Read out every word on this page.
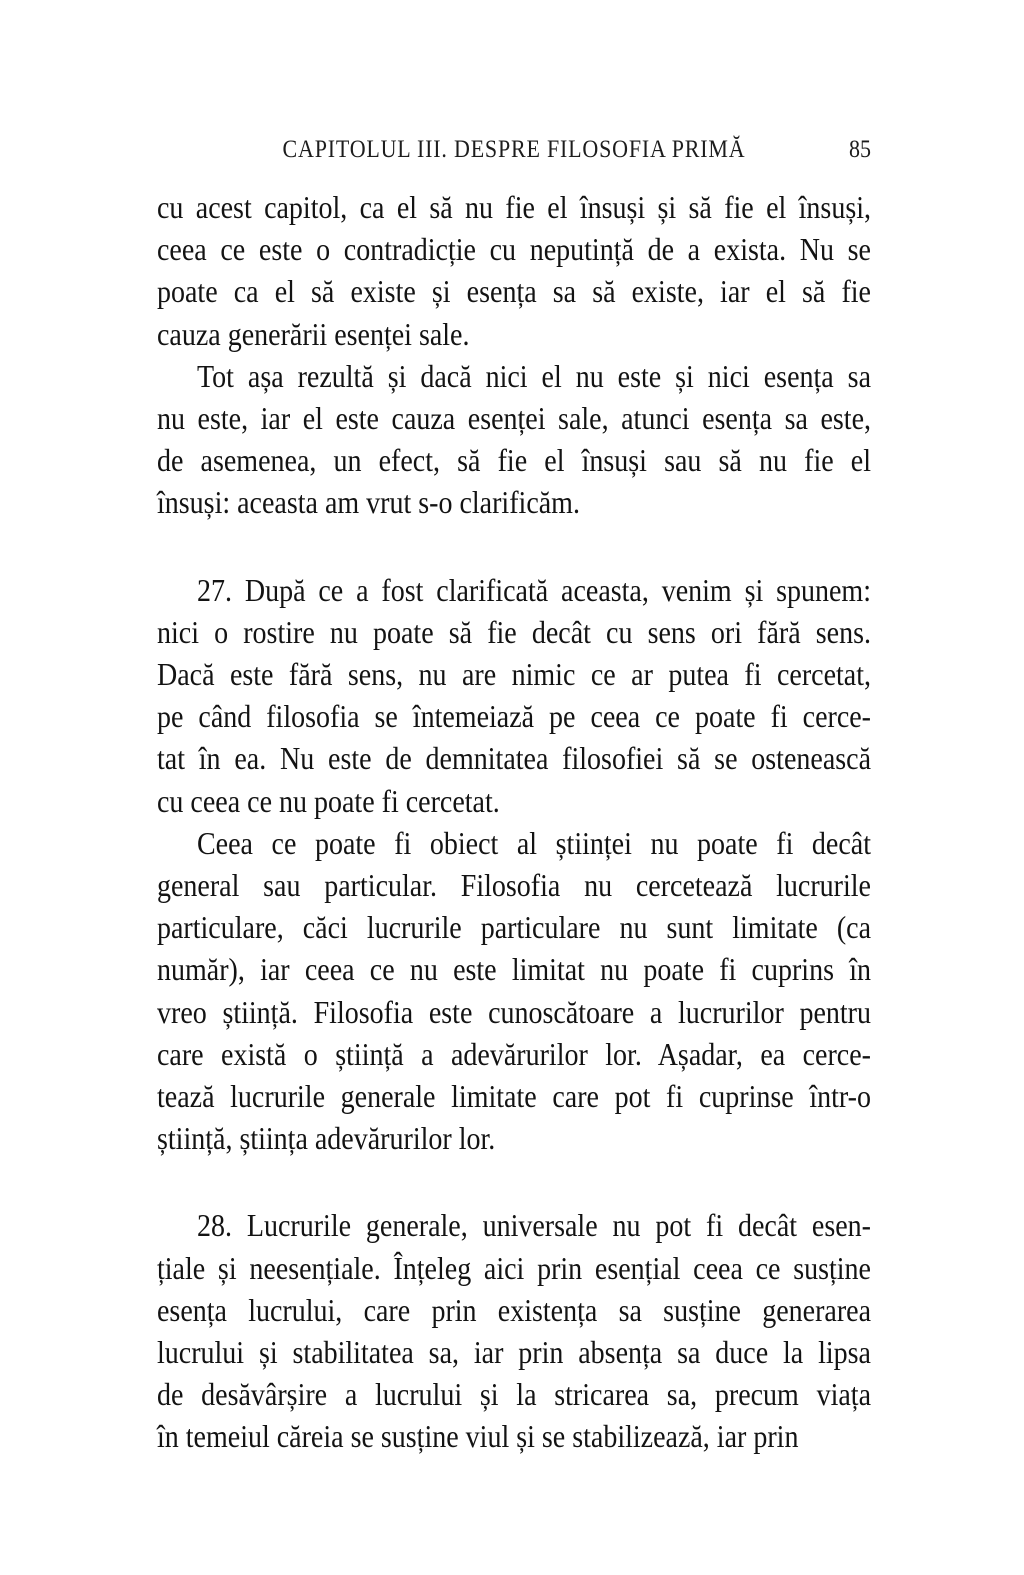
CAPITOLUL III. DESPRE FILOSOFIA PRIMĂ	85
cu acest capitol, ca el să nu fie el însuși și să fie el însuși,
ceea ce este o contradicție cu neputință de a exista. Nu se
poate ca el să existe și esența sa să existe, iar el să fie
cauza generării esenței sale.
Tot așa rezultă și dacă nici el nu este și nici esența sa
nu este, iar el este cauza esenței sale, atunci esența sa este,
de asemenea, un efect, să fie el însuși sau să nu fie el
însuși: aceasta am vrut s-o clarificăm.
27. După ce a fost clarificată aceasta, venim și spunem:
nici o rostire nu poate să fie decât cu sens ori fără sens.
Dacă este fără sens, nu are nimic ce ar putea fi cercetat,
pe când filosofia se întemeiază pe ceea ce poate fi cerce-
tat în ea. Nu este de demnitatea filosofiei să se ostenească
cu ceea ce nu poate fi cercetat.
Ceea ce poate fi obiect al științei nu poate fi decât
general sau particular. Filosofia nu cercetează lucrurile
particulare, căci lucrurile particulare nu sunt limitate (ca
număr), iar ceea ce nu este limitat nu poate fi cuprins în
vreo știință. Filosofia este cunoscătoare a lucrurilor pentru
care există o știință a adevărurilor lor. Așadar, ea cerce-
tează lucrurile generale limitate care pot fi cuprinse într-o
știință, știința adevărurilor lor.
28. Lucrurile generale, universale nu pot fi decât esen-
țiale și neesențiale. Înțeleg aici prin esențial ceea ce susține
esența lucrului, care prin existența sa susține generarea
lucrului și stabilitatea sa, iar prin absența sa duce la lipsa
de desăvârșire a lucrului și la stricarea sa, precum viața
în temeiul căreia se susține viul și se stabilizează, iar prin
